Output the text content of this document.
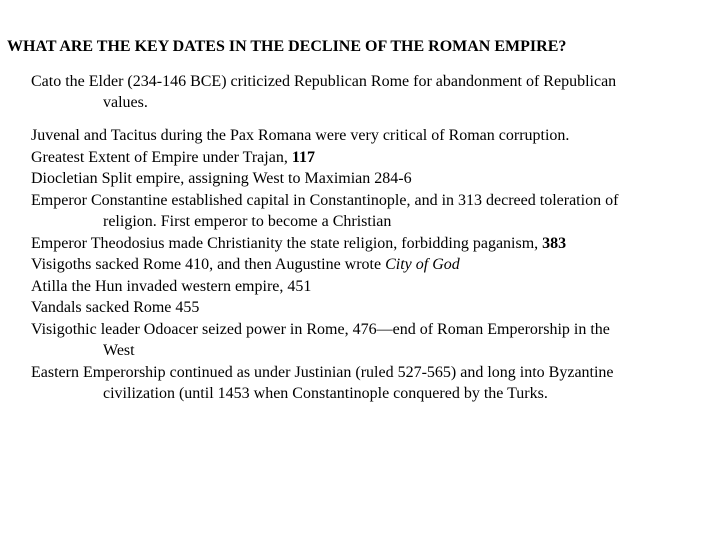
WHAT ARE THE KEY DATES IN THE DECLINE OF THE ROMAN EMPIRE?
Cato the Elder (234-146 BCE) criticized Republican Rome for abandonment of Republican
values.
Juvenal and Tacitus during the Pax Romana were very critical of Roman corruption.
Greatest Extent of Empire under Trajan, 117
Diocletian Split empire, assigning West to Maximian 284-6
Emperor Constantine established capital in Constantinople, and in 313 decreed toleration of
religion. First emperor to become a Christian
Emperor Theodosius made Christianity the state religion, forbidding paganism, 383
Visigoths sacked Rome 410, and then Augustine wrote City of God
Atilla the Hun invaded western empire, 451
Vandals sacked Rome 455
Visigothic leader Odoacer seized power in Rome, 476—end of Roman Emperorship in the
West
Eastern Emperorship continued as under Justinian (ruled 527-565) and long into Byzantine
civilization (until 1453 when Constantinople conquered by the Turks.
